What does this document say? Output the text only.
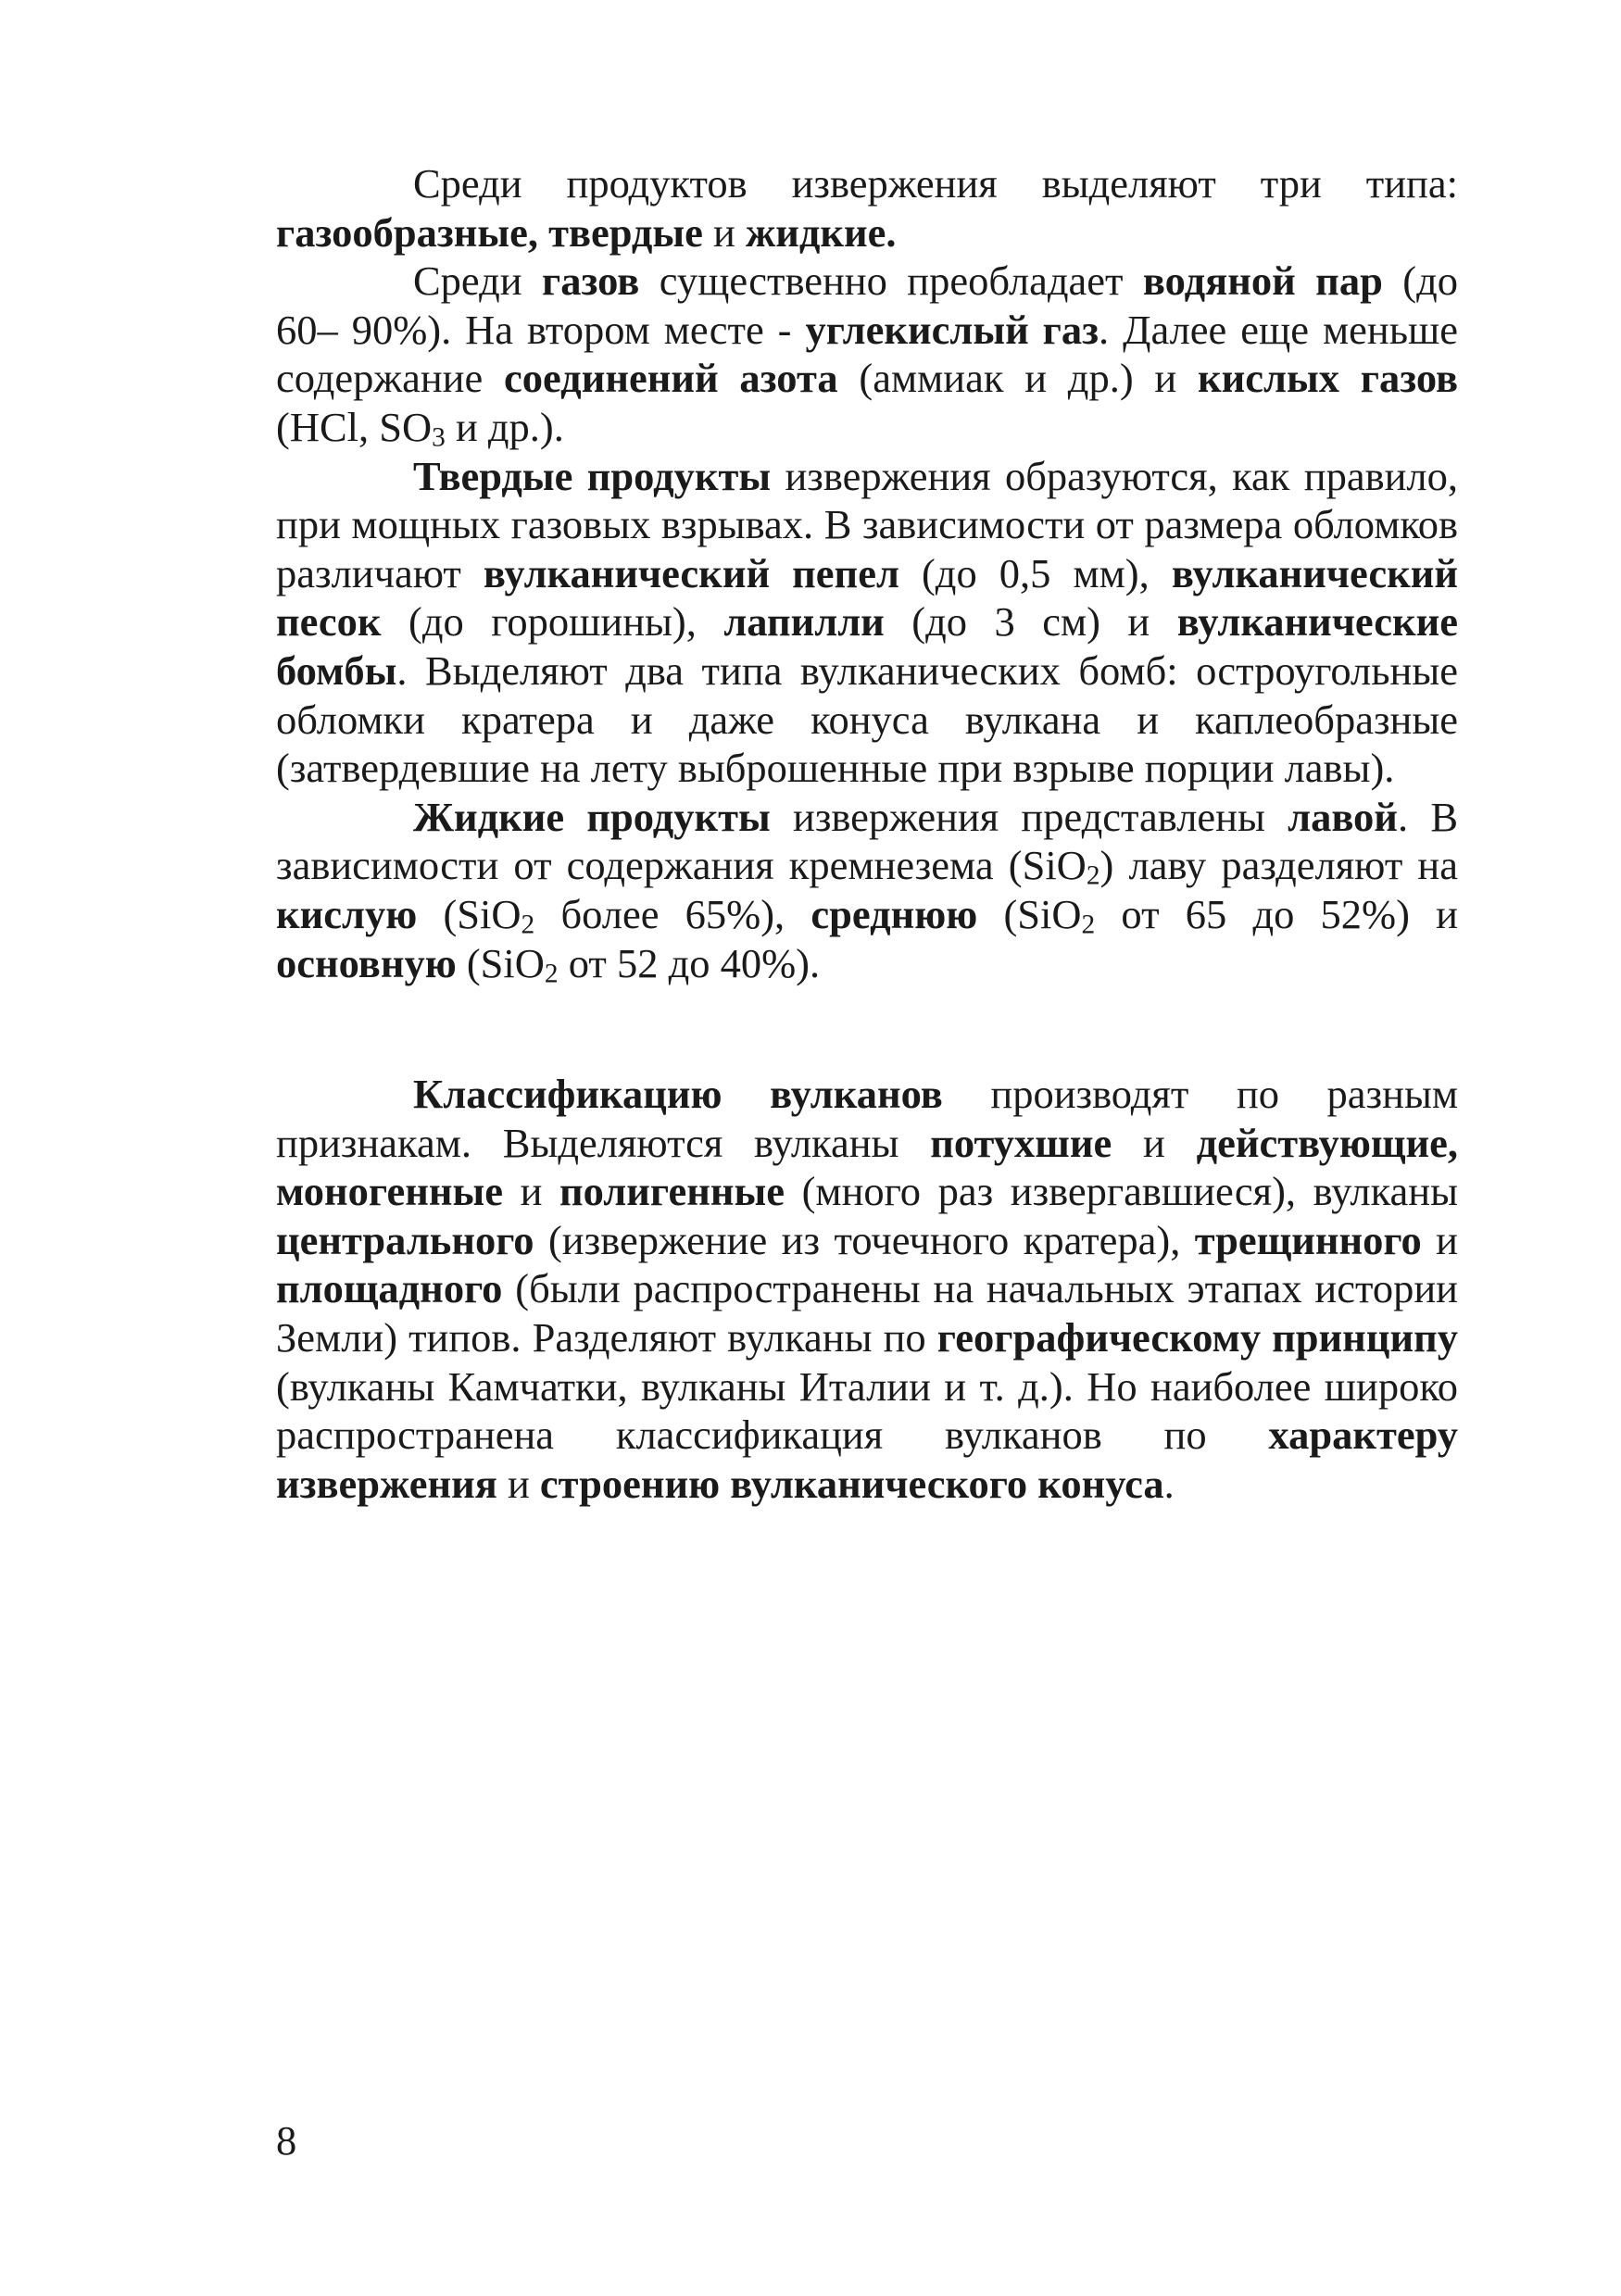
Среди продуктов извержения выделяют три типа: газообразные, твердые и жидкие.

Среди газов существенно преобладает водяной пар (до 60– 90%). На втором месте - углекислый газ. Далее еще меньше содержание соединений азота (аммиак и др.) и кислых газов (HCl, $SO_3$ и др.).

Твердые продукты извержения образуются, как правило, при мощных газовых взрывах. В зависимости от размера обломков различают вулканический пепел (до 0,5 мм), вулканический песок (до горошины), лапилли (до 3 см) и вулканические бомбы. Выделяют два типа вулканических бомб: остроугольные обломки кратера и даже конуса вулкана и каплеобразные (затвердевшие на лету выброшенные при взрыве порции лавы).

Жидкие продукты извержения представлены лавой. В зависимости от содержания кремнезема (SiO$_2$) лаву разделяют на кислую (SiO$_2$ более 65%), среднюю (SiO$_2$ от 65 до 52%) и основную (SiO$_2$ от 52 до 40%).

Классификацию вулканов производят по разным признакам. Выделяются вулканы потухшие и действующие, моногенные и полигенные (много раз извергавшиеся), вулканы центрального (извержение из точечного кратера), трещинного и площадного (были распространены на начальных этапах истории Земли) типов. Разделяют вулканы по географическому принципу (вулканы Камчатки, вулканы Италии и т. д.). Но наиболее широко распространена классификация вулканов по характеру извержения и строению вулканического конуса.

8
